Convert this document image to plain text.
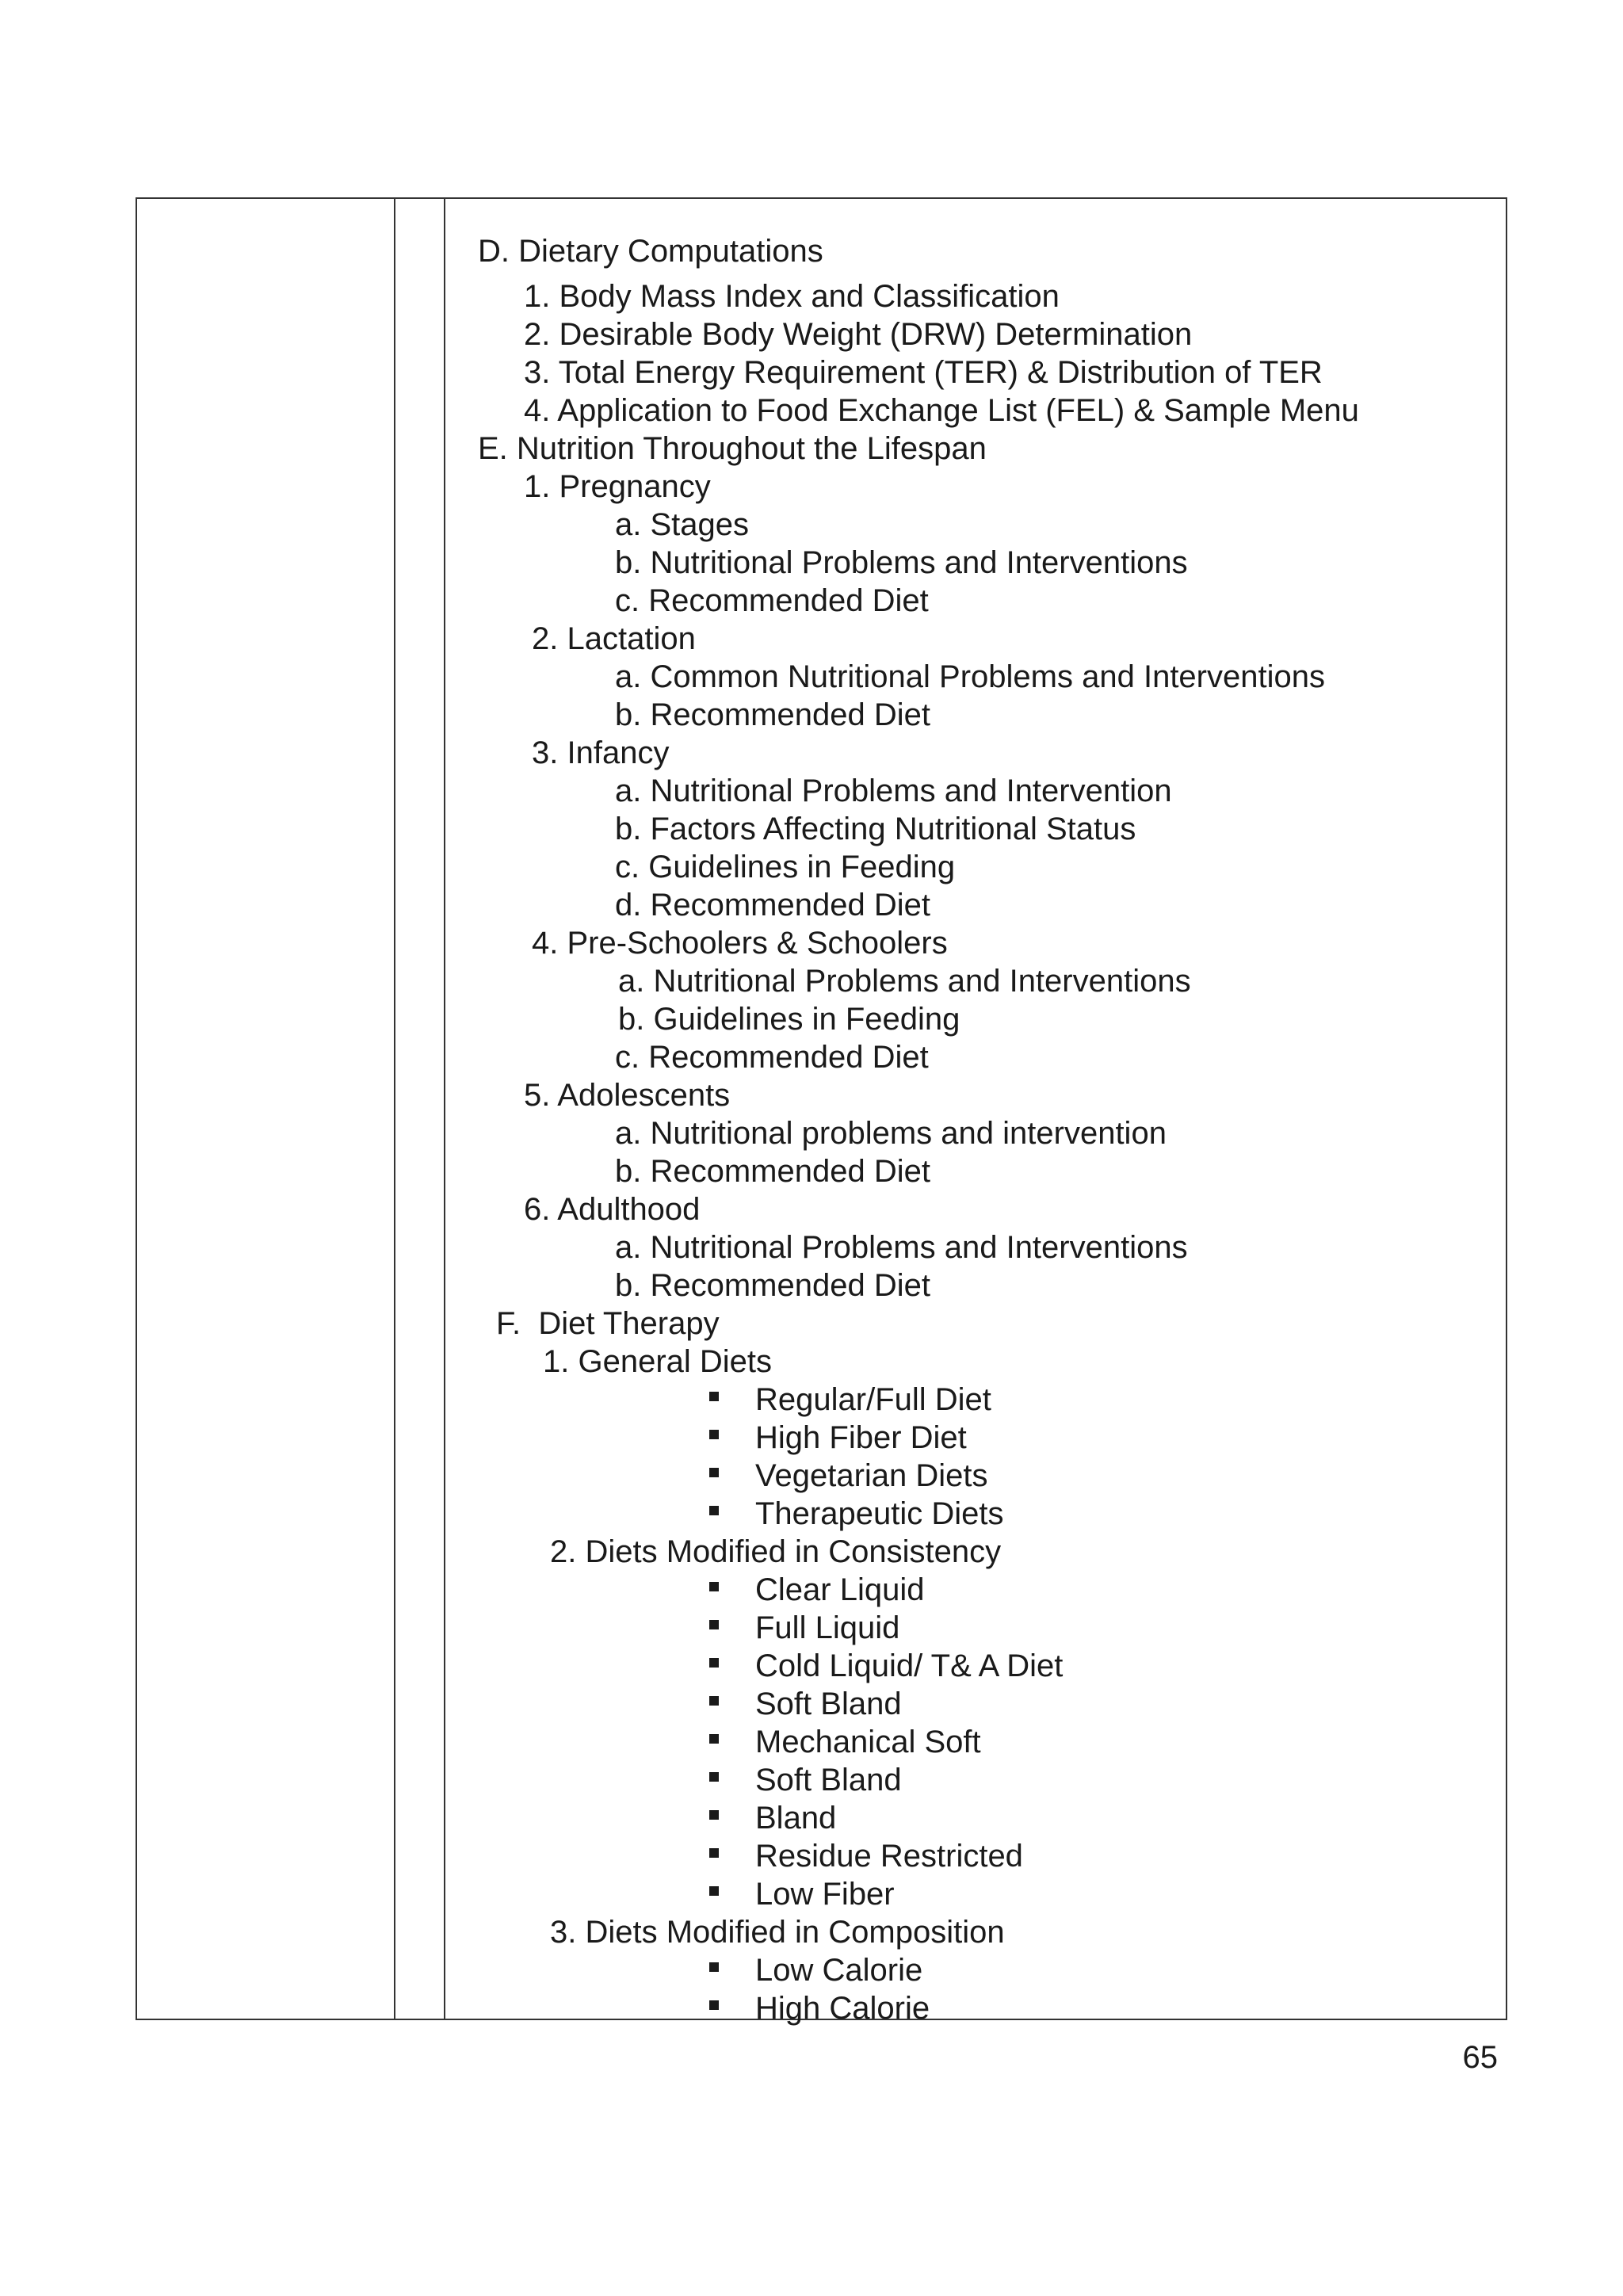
D. Dietary Computations
1. Body Mass Index and Classification
2. Desirable Body Weight (DRW) Determination
3. Total Energy Requirement (TER) & Distribution of TER
4. Application to Food Exchange List (FEL) & Sample Menu
E. Nutrition Throughout the Lifespan
1. Pregnancy
a. Stages
b. Nutritional Problems and Interventions
c. Recommended Diet
2. Lactation
a. Common Nutritional Problems and Interventions
b. Recommended Diet
3. Infancy
a. Nutritional Problems and Intervention
b. Factors Affecting Nutritional Status
c. Guidelines in Feeding
d. Recommended Diet
4. Pre-Schoolers & Schoolers
a. Nutritional Problems and Interventions
b. Guidelines in Feeding
c. Recommended Diet
5. Adolescents
a. Nutritional problems and intervention
b. Recommended Diet
6. Adulthood
a. Nutritional Problems and Interventions
b. Recommended Diet
F.  Diet Therapy
1. General Diets
Regular/Full Diet
High Fiber Diet
Vegetarian Diets
Therapeutic Diets
2. Diets Modified in Consistency
Clear Liquid
Full Liquid
Cold Liquid/ T& A Diet
Soft Bland
Mechanical Soft
Soft Bland
Bland
Residue Restricted
Low Fiber
3. Diets Modified in Composition
Low Calorie
High Calorie
65
